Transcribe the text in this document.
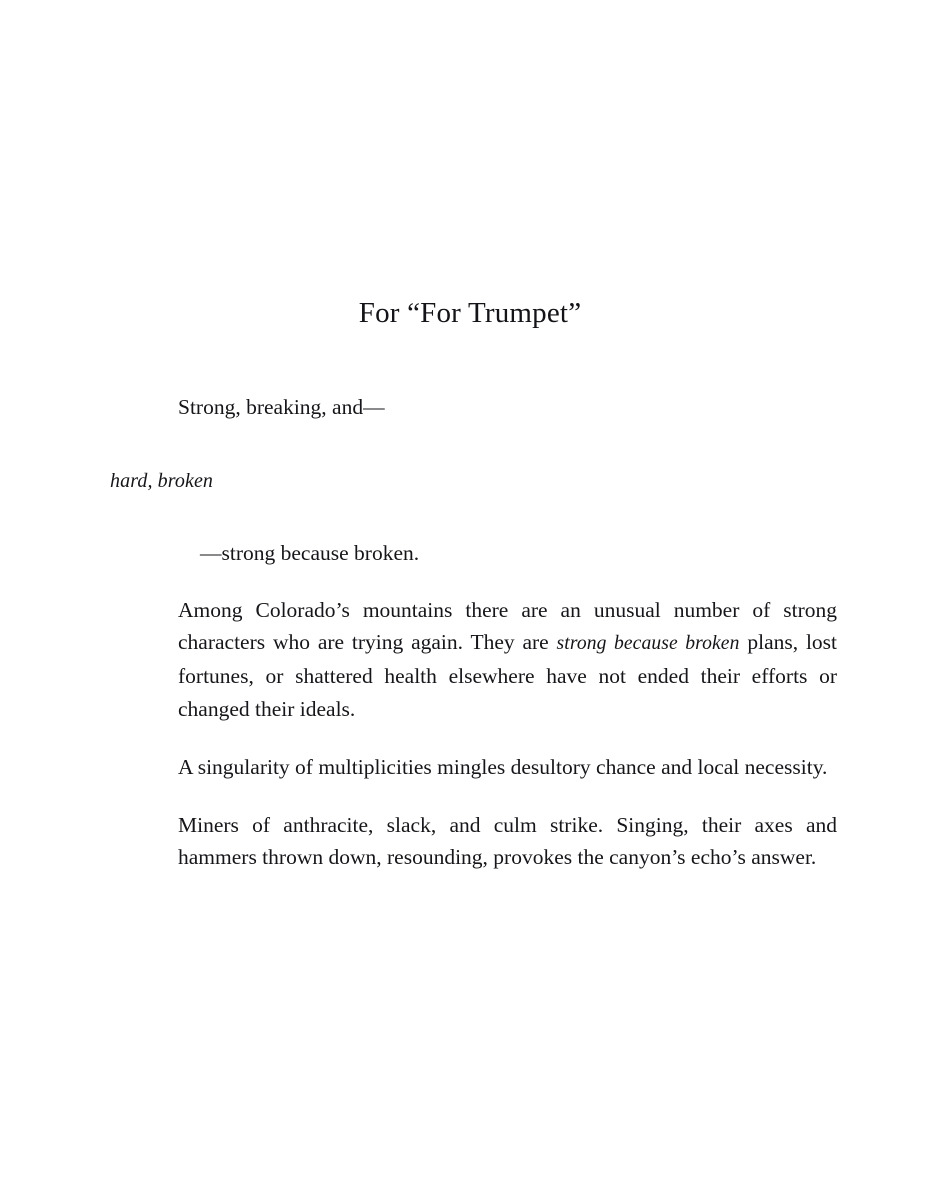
For “For Trumpet”
Strong, breaking, and—
hard, broken
—strong because broken.

Among Colorado’s mountains there are an unusual number of strong characters who are trying again. They are strong because broken plans, lost fortunes, or shattered health elsewhere have not ended their efforts or changed their ideals.

A singularity of multiplicities mingles desultory chance and local necessity.

Miners of anthracite, slack, and culm strike. Singing, their axes and hammers thrown down, resounding, provokes the canyon’s echo’s answer.
